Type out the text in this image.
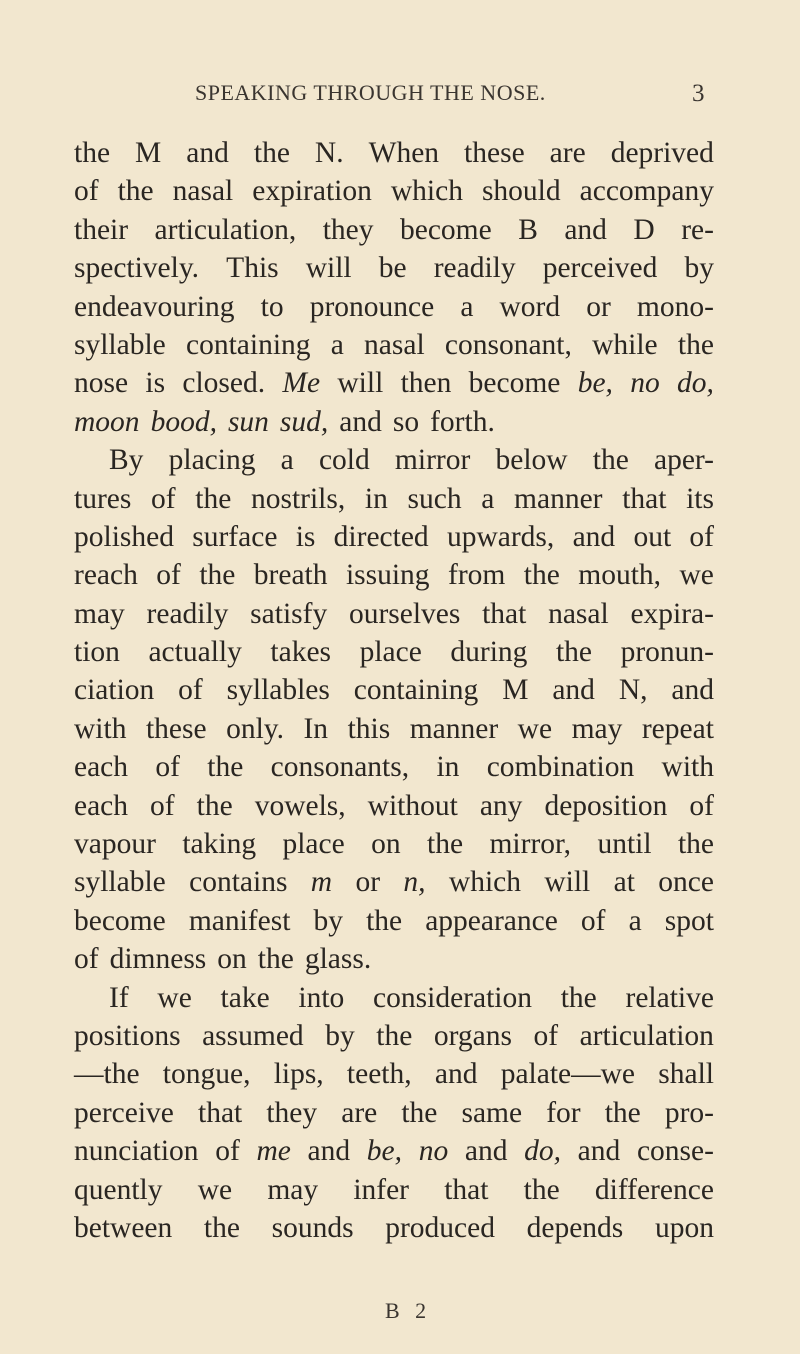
SPEAKING THROUGH THE NOSE.	3
the M and the N. When these are deprived
of the nasal expiration which should accompany
their articulation, they become B and D re-
spectively. This will be readily perceived by
endeavouring to pronounce a word or mono-
syllable containing a nasal consonant, while the
nose is closed. Me will then become be, no do,
moon bood, sun sud, and so forth.
By placing a cold mirror below the aper-
tures of the nostrils, in such a manner that its
polished surface is directed upwards, and out of
reach of the breath issuing from the mouth, we
may readily satisfy ourselves that nasal expira-
tion actually takes place during the pronun-
ciation of syllables containing M and N, and
with these only. In this manner we may repeat
each of the consonants, in combination with
each of the vowels, without any deposition of
vapour taking place on the mirror, until the
syllable contains m or n, which will at once
become manifest by the appearance of a spot
of dimness on the glass.
If we take into consideration the relative
positions assumed by the organs of articulation
—the tongue, lips, teeth, and palate—we shall
perceive that they are the same for the pro-
nunciation of me and be, no and do, and conse-
quently we may infer that the difference
between the sounds produced depends upon
B 2
